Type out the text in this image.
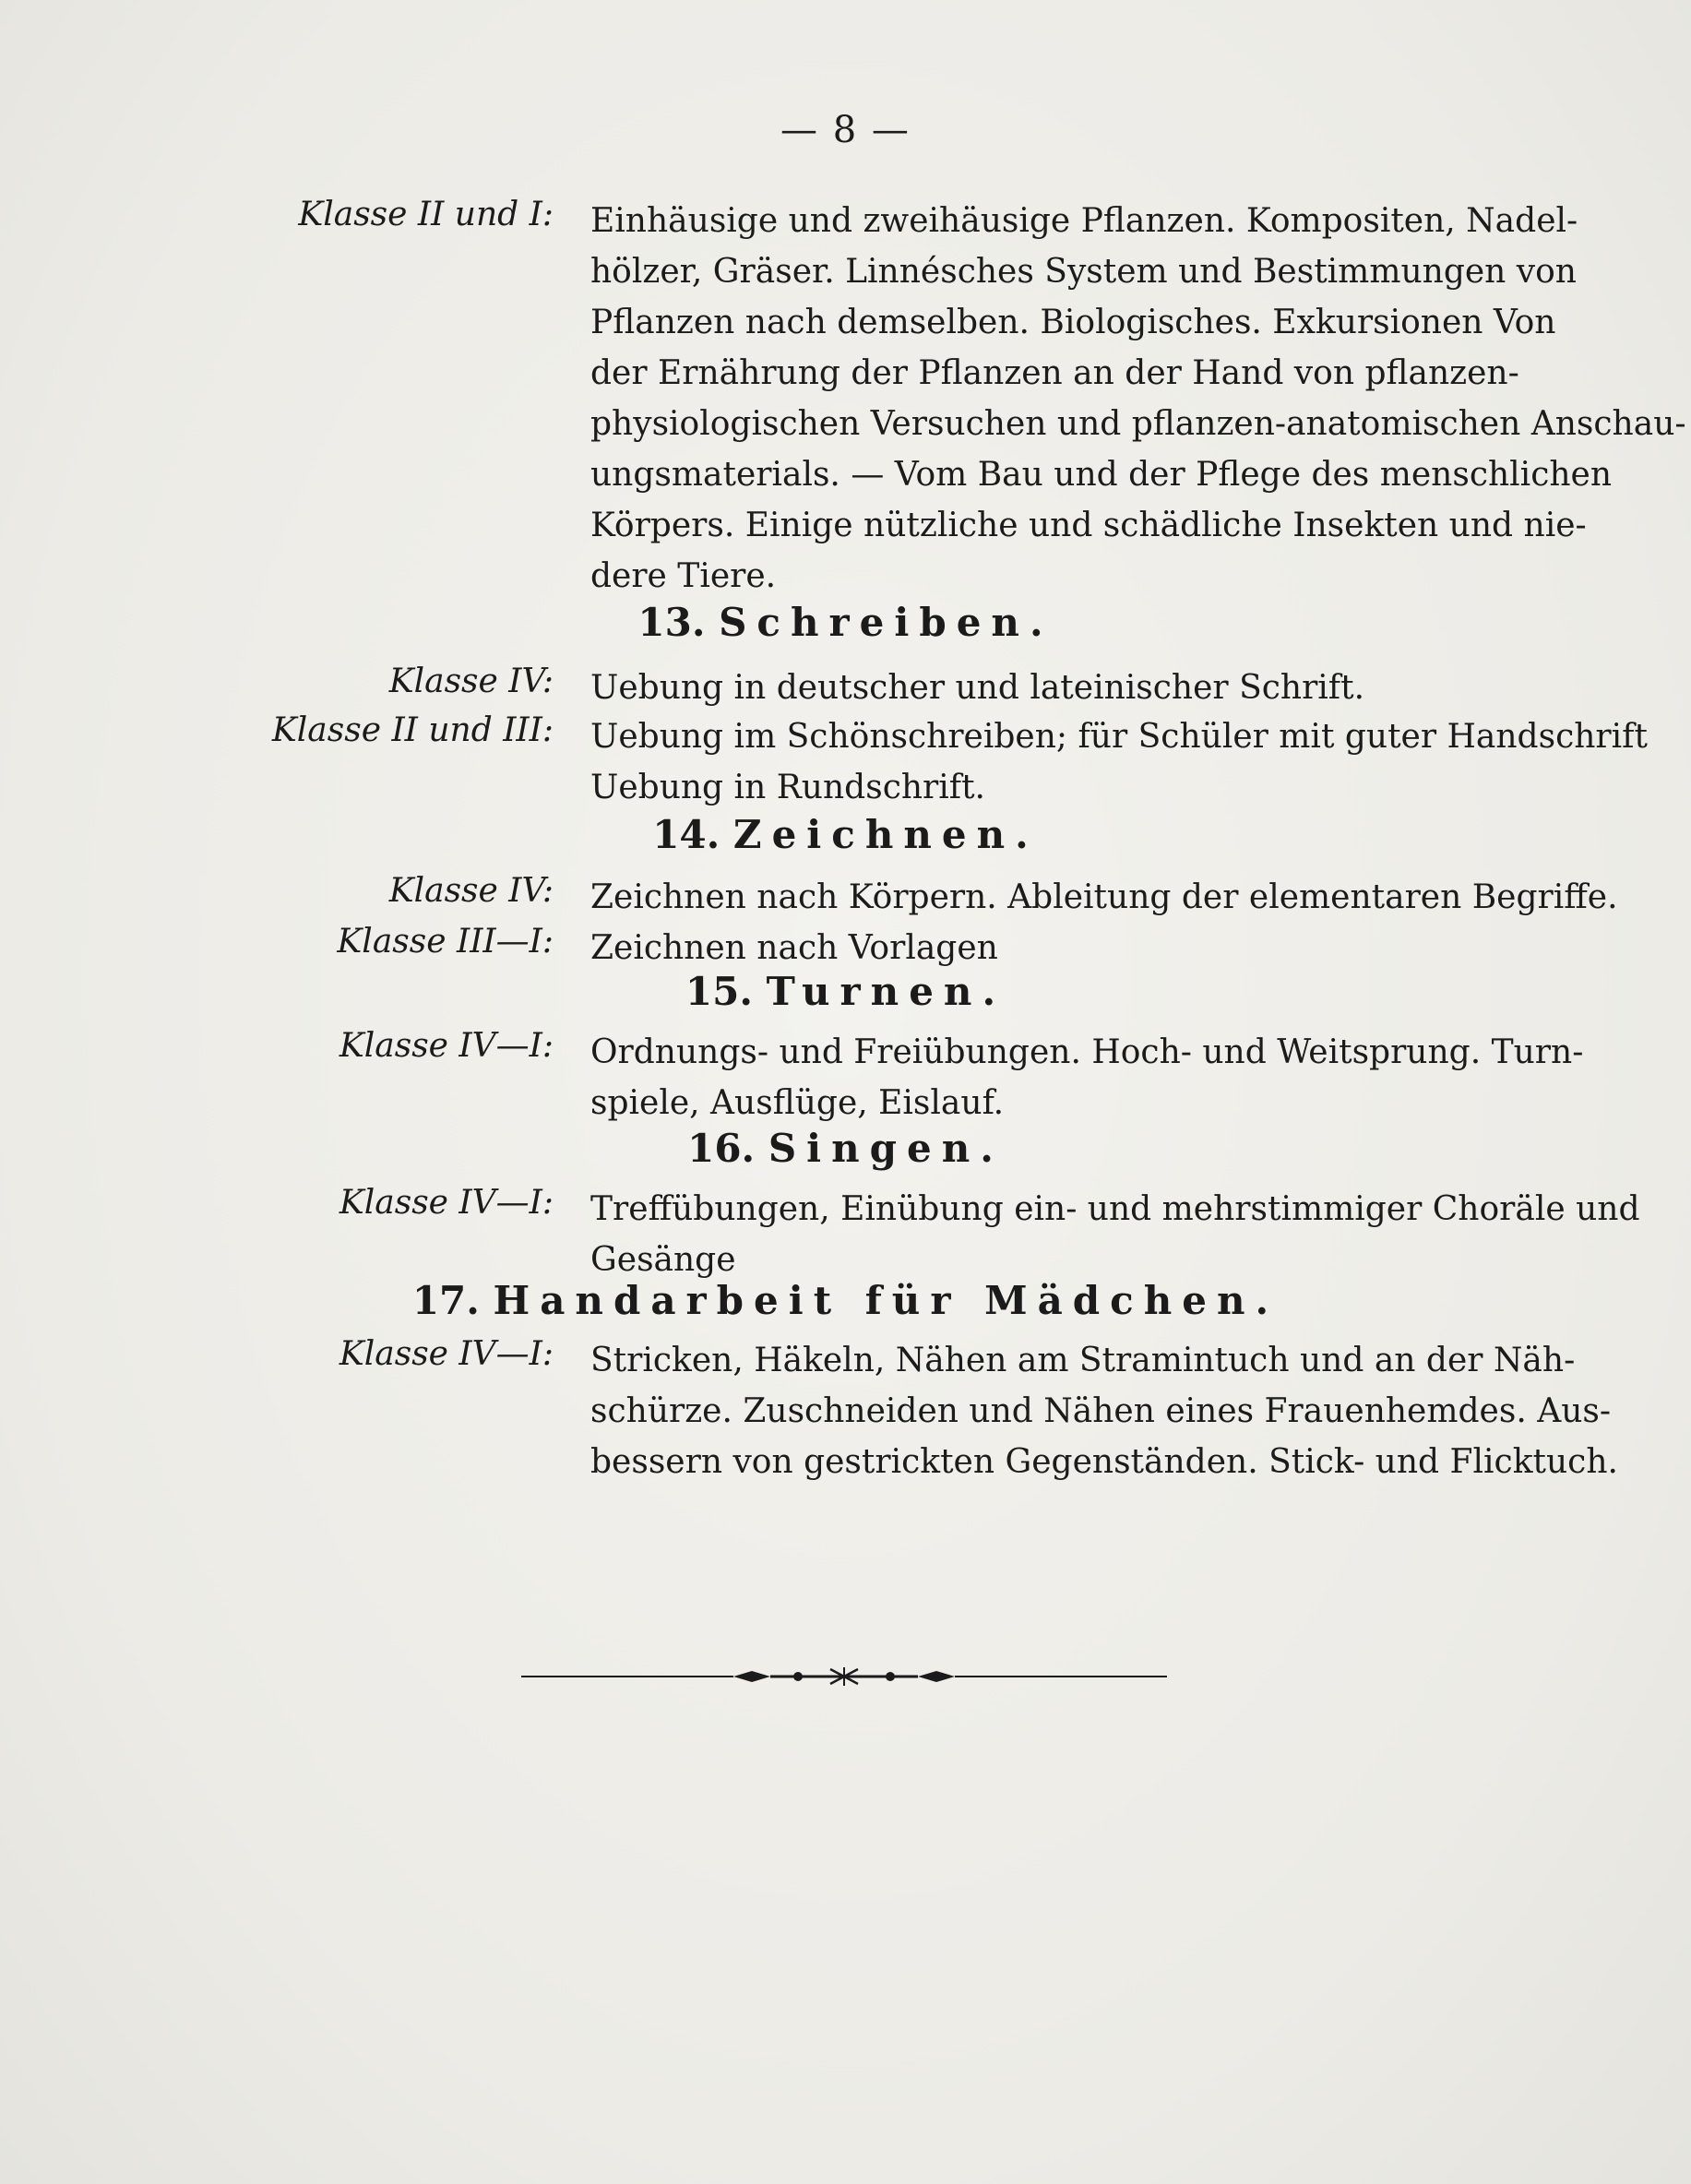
— 8 —
Klasse II und I: Einhäusige und zweihäusige Pflanzen. Kompositen, Nadel-
hölzer, Gräser. Linnésches System und Bestimmungen von
Pflanzen nach demselben. Biologisches. Exkursionen Von
der Ernährung der Pflanzen an der Hand von pflanzen-
physiologischen Versuchen und pflanzen-anatomischen Anschau-
ungsmaterials. — Vom Bau und der Pflege des menschlichen
Körpers. Einige nützliche und schädliche Insekten und nie-
dere Tiere.
13. Schreiben.
Klasse IV: Uebung in deutscher und lateinischer Schrift.
Klasse II und III: Uebung im Schönschreiben; für Schüler mit guter Handschrift
Uebung in Rundschrift.
14. Zeichnen.
Klasse IV: Zeichnen nach Körpern. Ableitung der elementaren Begriffe.
Klasse III—I: Zeichnen nach Vorlagen
15. Turnen.
Klasse IV—I: Ordnungs- und Freiübungen. Hoch- und Weitsprung. Turn-
spiele, Ausflüge, Eislauf.
16. Singen.
Klasse IV—I: Treffübungen, Einübung ein- und mehrstimmiger Choräle und
Gesänge
17. Handarbeit für Mädchen.
Klasse IV—I: Stricken, Häkeln, Nähen am Stramintuch und an der Näh-
schürze. Zuschneiden und Nähen eines Frauenhemdes. Aus-
bessern von gestrickten Gegenständen. Stick- und Flicktuch.
